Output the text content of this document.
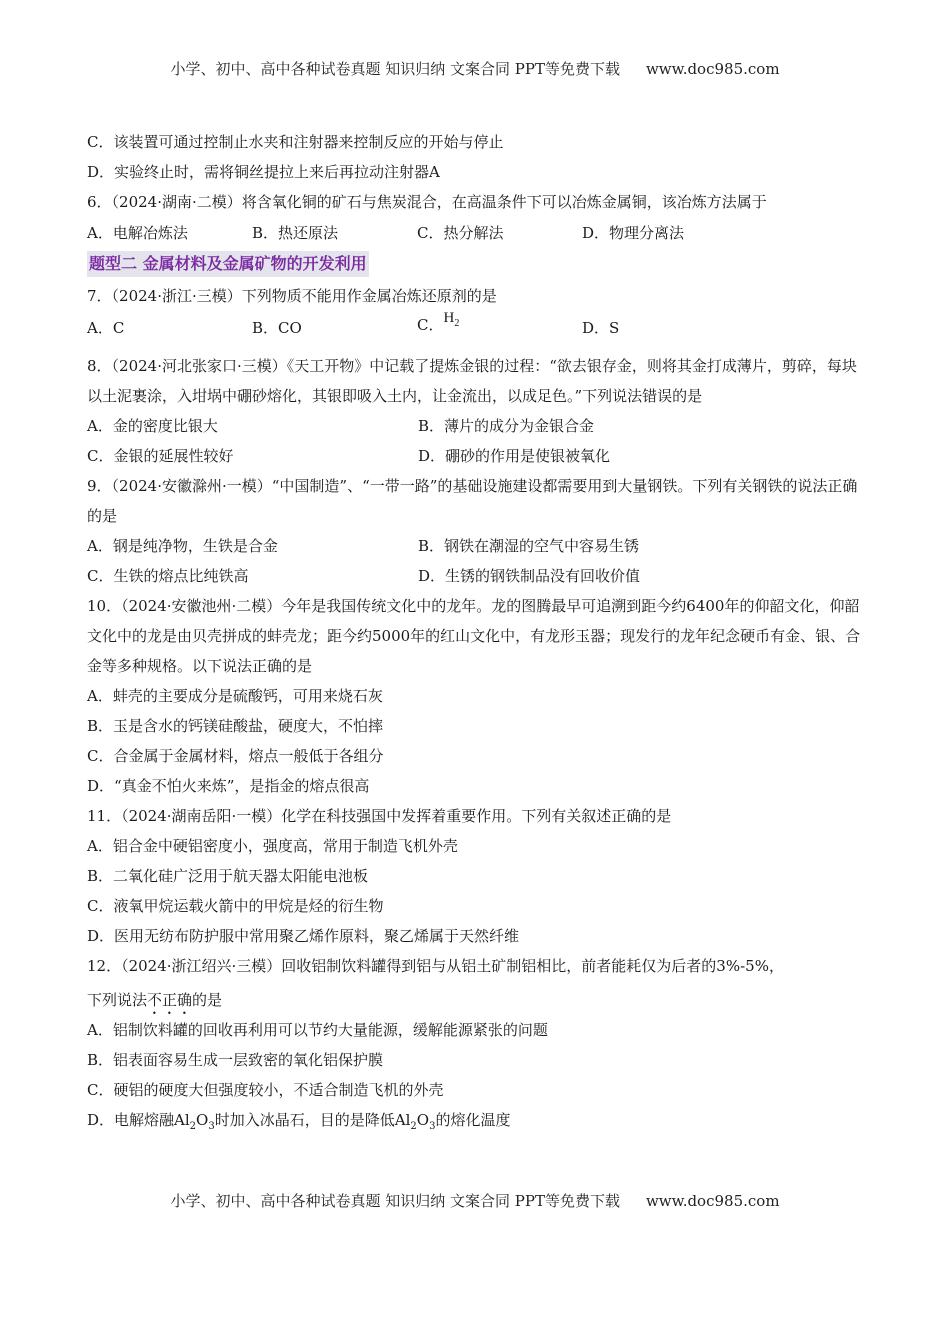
小学、初中、高中各种试卷真题 知识归纳 文案合同 PPT等免费下载 www.doc985.com
C．该装置可通过控制止水夹和注射器来控制反应的开始与停止
D．实验终止时，需将铜丝提拉上来后再拉动注射器A
6．（2024·湖南·二模）将含氧化铜的矿石与焦炭混合，在高温条件下可以冶炼金属铜，该冶炼方法属于
A．电解冶炼法	B．热还原法	C．热分解法	D．物理分离法
题型二 金属材料及金属矿物的开发利用
7．（2024·浙江·三模）下列物质不能用作金属冶炼还原剂的是
A．C	B．CO	C．$H_2$	D．S
8．（2024·河北张家口·三模）《天工开物》中记载了提炼金银的过程：“欲去银存金，则将其金打成薄片，剪碎，每块以土泥裹涂，入坩埚中硼砂熔化，其银即吸入土内，让金流出，以成足色。”下列说法错误的是
A．金的密度比银大	B．薄片的成分为金银合金
C．金银的延展性较好	D．硼砂的作用是使银被氧化
9．（2024·安徽滁州·一模）“中国制造”、“一带一路”的基础设施建设都需要用到大量钢铁。下列有关钢铁的说法正确的是
A．钢是纯净物，生铁是合金	B．钢铁在潮湿的空气中容易生锈
C．生铁的熔点比纯铁高	D．生锈的钢铁制品没有回收价值
10．（2024·安徽池州·二模）今年是我国传统文化中的龙年。龙的图腾最早可追溯到距今约6400年的仰韶文化，仰韶文化中的龙是由贝壳拼成的蚌壳龙；距今约5000年的红山文化中，有龙形玉器；现发行的龙年纪念硬币有金、银、合金等多种规格。以下说法正确的是
A．蚌壳的主要成分是硫酸钙，可用来烧石灰
B．玉是含水的钙镁硅酸盐，硬度大，不怕摔
C．合金属于金属材料，熔点一般低于各组分
D．“真金不怕火来炼”，是指金的熔点很高
11．（2024·湖南岳阳·一模）化学在科技强国中发挥着重要作用。下列有关叙述正确的是
A．铝合金中硬铝密度小，强度高，常用于制造飞机外壳
B．二氧化硅广泛用于航天器太阳能电池板
C．液氧甲烷运载火箭中的甲烷是烃的衍生物
D．医用无纺布防护服中常用聚乙烯作原料，聚乙烯属于天然纤维
12．（2024·浙江绍兴·三模）回收铝制饮料罐得到铝与从铝土矿制铝相比，前者能耗仅为后者的3%-5%，
下列说法不正确的是
A．铝制饮料罐的回收再利用可以节约大量能源，缓解能源紧张的问题
B．铝表面容易生成一层致密的氧化铝保护膜
C．硬铝的硬度大但强度较小，不适合制造飞机的外壳
D．电解熔融$Al_2O_3$时加入冰晶石，目的是降低$Al_2O_3$的熔化温度
小学、初中、高中各种试卷真题 知识归纳 文案合同 PPT等免费下载 www.doc985.com
